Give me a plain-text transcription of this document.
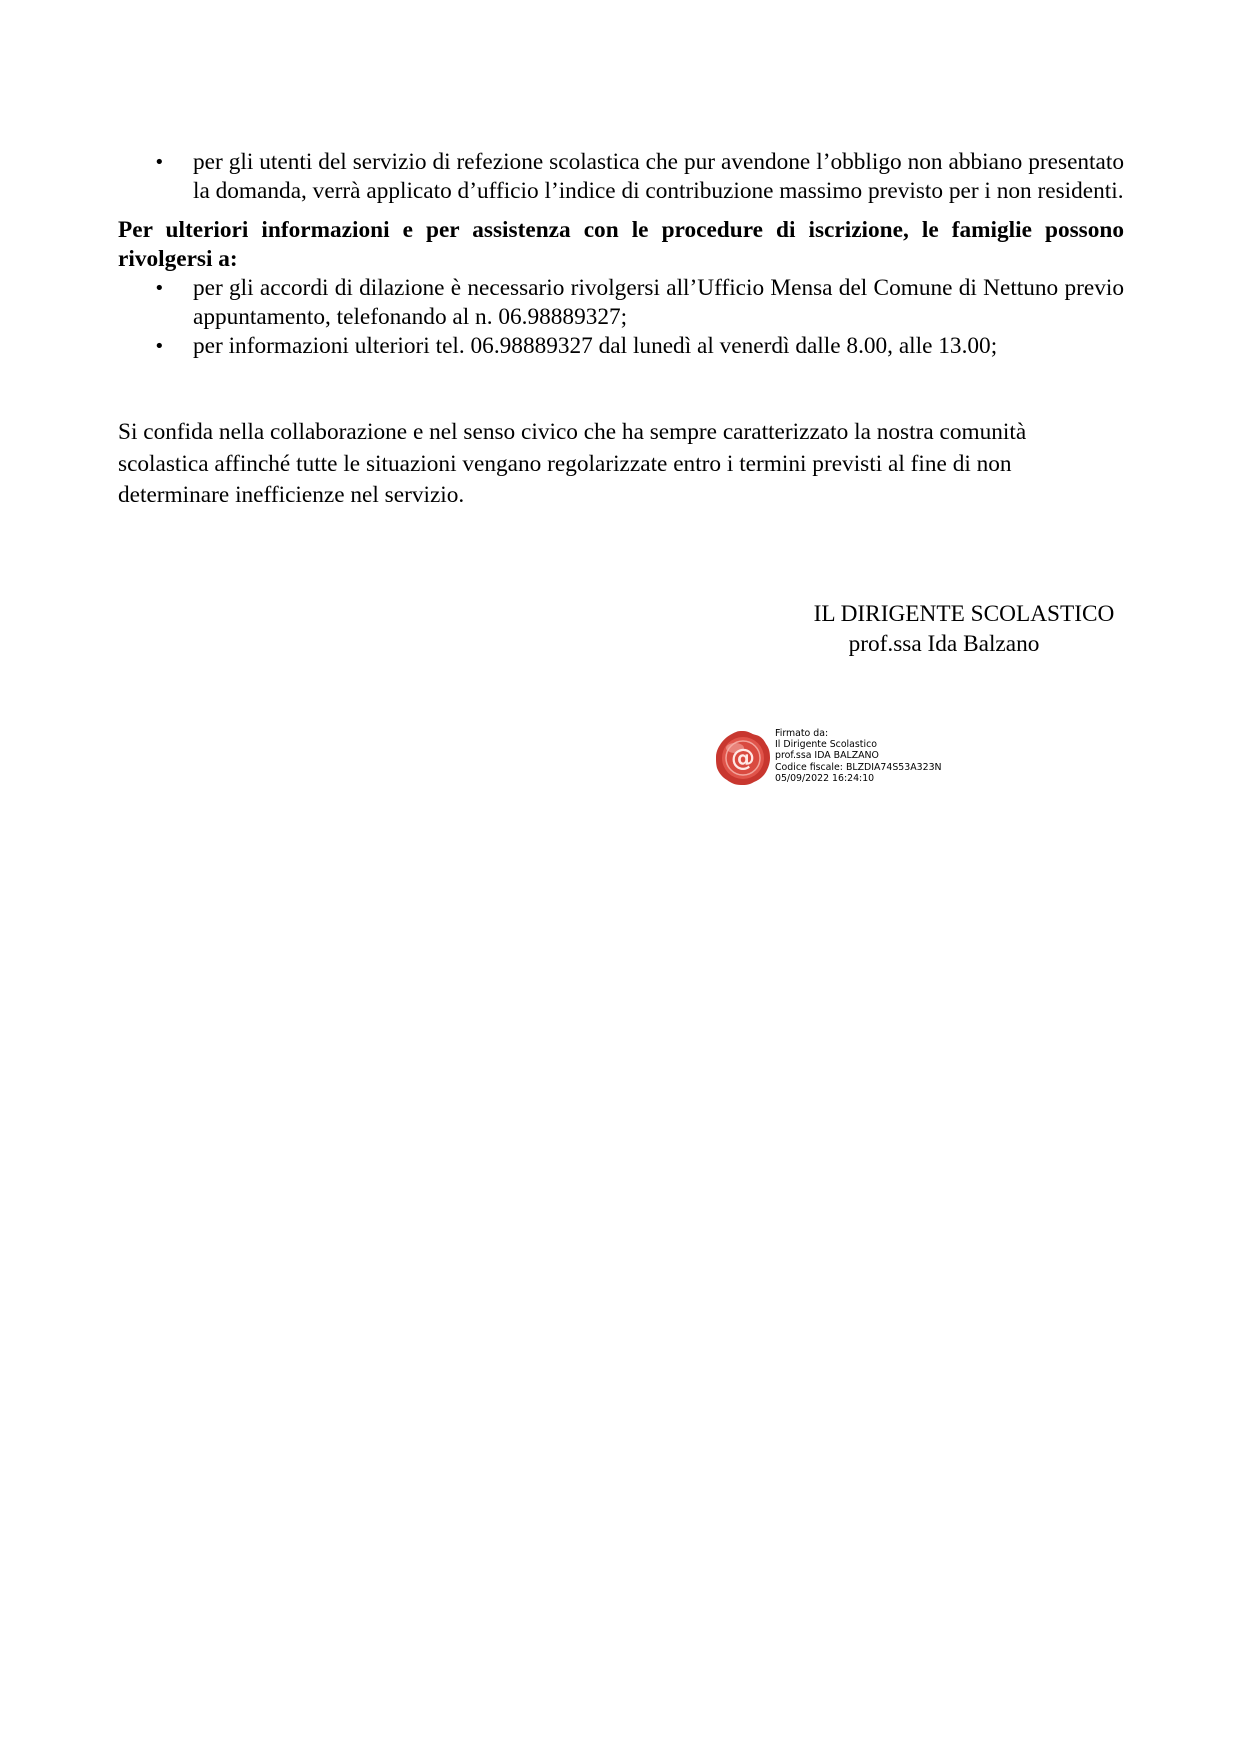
• per gli utenti del servizio di refezione scolastica che pur avendone l’obbligo non abbiano presentato la domanda, verrà applicato d’ufficio l’indice di contribuzione massimo previsto per i non residenti.

Per ulteriori informazioni e per assistenza con le procedure di iscrizione, le famiglie possono rivolgersi a:

• per gli accordi di dilazione è necessario rivolgersi all’Ufficio Mensa del Comune di Nettuno previo appuntamento, telefonando al n. 06.98889327;
• per informazioni ulteriori tel. 06.98889327 dal lunedì al venerdì dalle 8.00, alle 13.00;
Si confida nella collaborazione e nel senso civico che ha sempre caratterizzato la nostra comunità
scolastica affinché tutte le situazioni vengano regolarizzate entro i termini previsti al fine di non
determinare inefficienze nel servizio.
IL DIRIGENTE SCOLASTICO
prof.ssa Ida Balzano
@
Firmato da:
Il Dirigente Scolastico
prof.ssa IDA BALZANO
Codice fiscale: BLZDIA74S53A323N
05/09/2022 16:24:10
